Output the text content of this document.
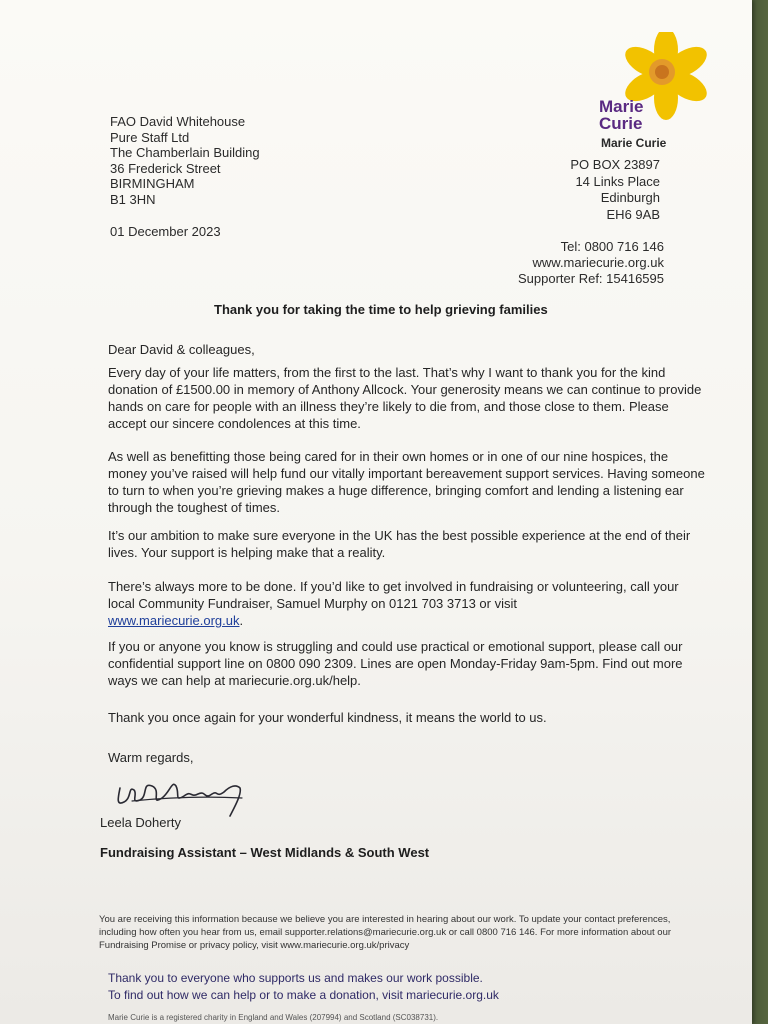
FAO David Whitehouse
Pure Staff Ltd
The Chamberlain Building
36 Frederick Street
BIRMINGHAM
B1 3HN
01 December 2023
Marie
Curie
Marie Curie
PO BOX 23897
14 Links Place
Edinburgh
EH6 9AB
Tel: 0800 716 146
www.mariecurie.org.uk
Supporter Ref: 15416595
Thank you for taking the time to help grieving families
Dear David & colleagues,
Every day of your life matters, from the first to the last. That’s why I want to thank you for the kind donation of £1500.00 in memory of Anthony Allcock. Your generosity means we can continue to provide hands on care for people with an illness they’re likely to die from, and those close to them. Please accept our sincere condolences at this time.
As well as benefitting those being cared for in their own homes or in one of our nine hospices, the money you’ve raised will help fund our vitally important bereavement support services. Having someone to turn to when you’re grieving makes a huge difference, bringing comfort and lending a listening ear through the toughest of times.
It’s our ambition to make sure everyone in the UK has the best possible experience at the end of their lives. Your support is helping make that a reality.
There’s always more to be done. If you’d like to get involved in fundraising or volunteering, call your local Community Fundraiser, Samuel Murphy on 0121 703 3713 or visit
www.mariecurie.org.uk.
If you or anyone you know is struggling and could use practical or emotional support, please call our confidential support line on 0800 090 2309. Lines are open Monday-Friday 9am-5pm. Find out more ways we can help at mariecurie.org.uk/help.
Thank you once again for your wonderful kindness, it means the world to us.
Warm regards,
Leela Doherty
Fundraising Assistant – West Midlands & South West
You are receiving this information because we believe you are interested in hearing about our work. To update your contact preferences, including how often you hear from us, email supporter.relations@mariecurie.org.uk or call 0800 716 146. For more information about our Fundraising Promise or privacy policy, visit www.mariecurie.org.uk/privacy
Thank you to everyone who supports us and makes our work possible.
To find out how we can help or to make a donation, visit mariecurie.org.uk
Marie Curie is a registered charity in England and Wales (207994) and Scotland (SC038731).
